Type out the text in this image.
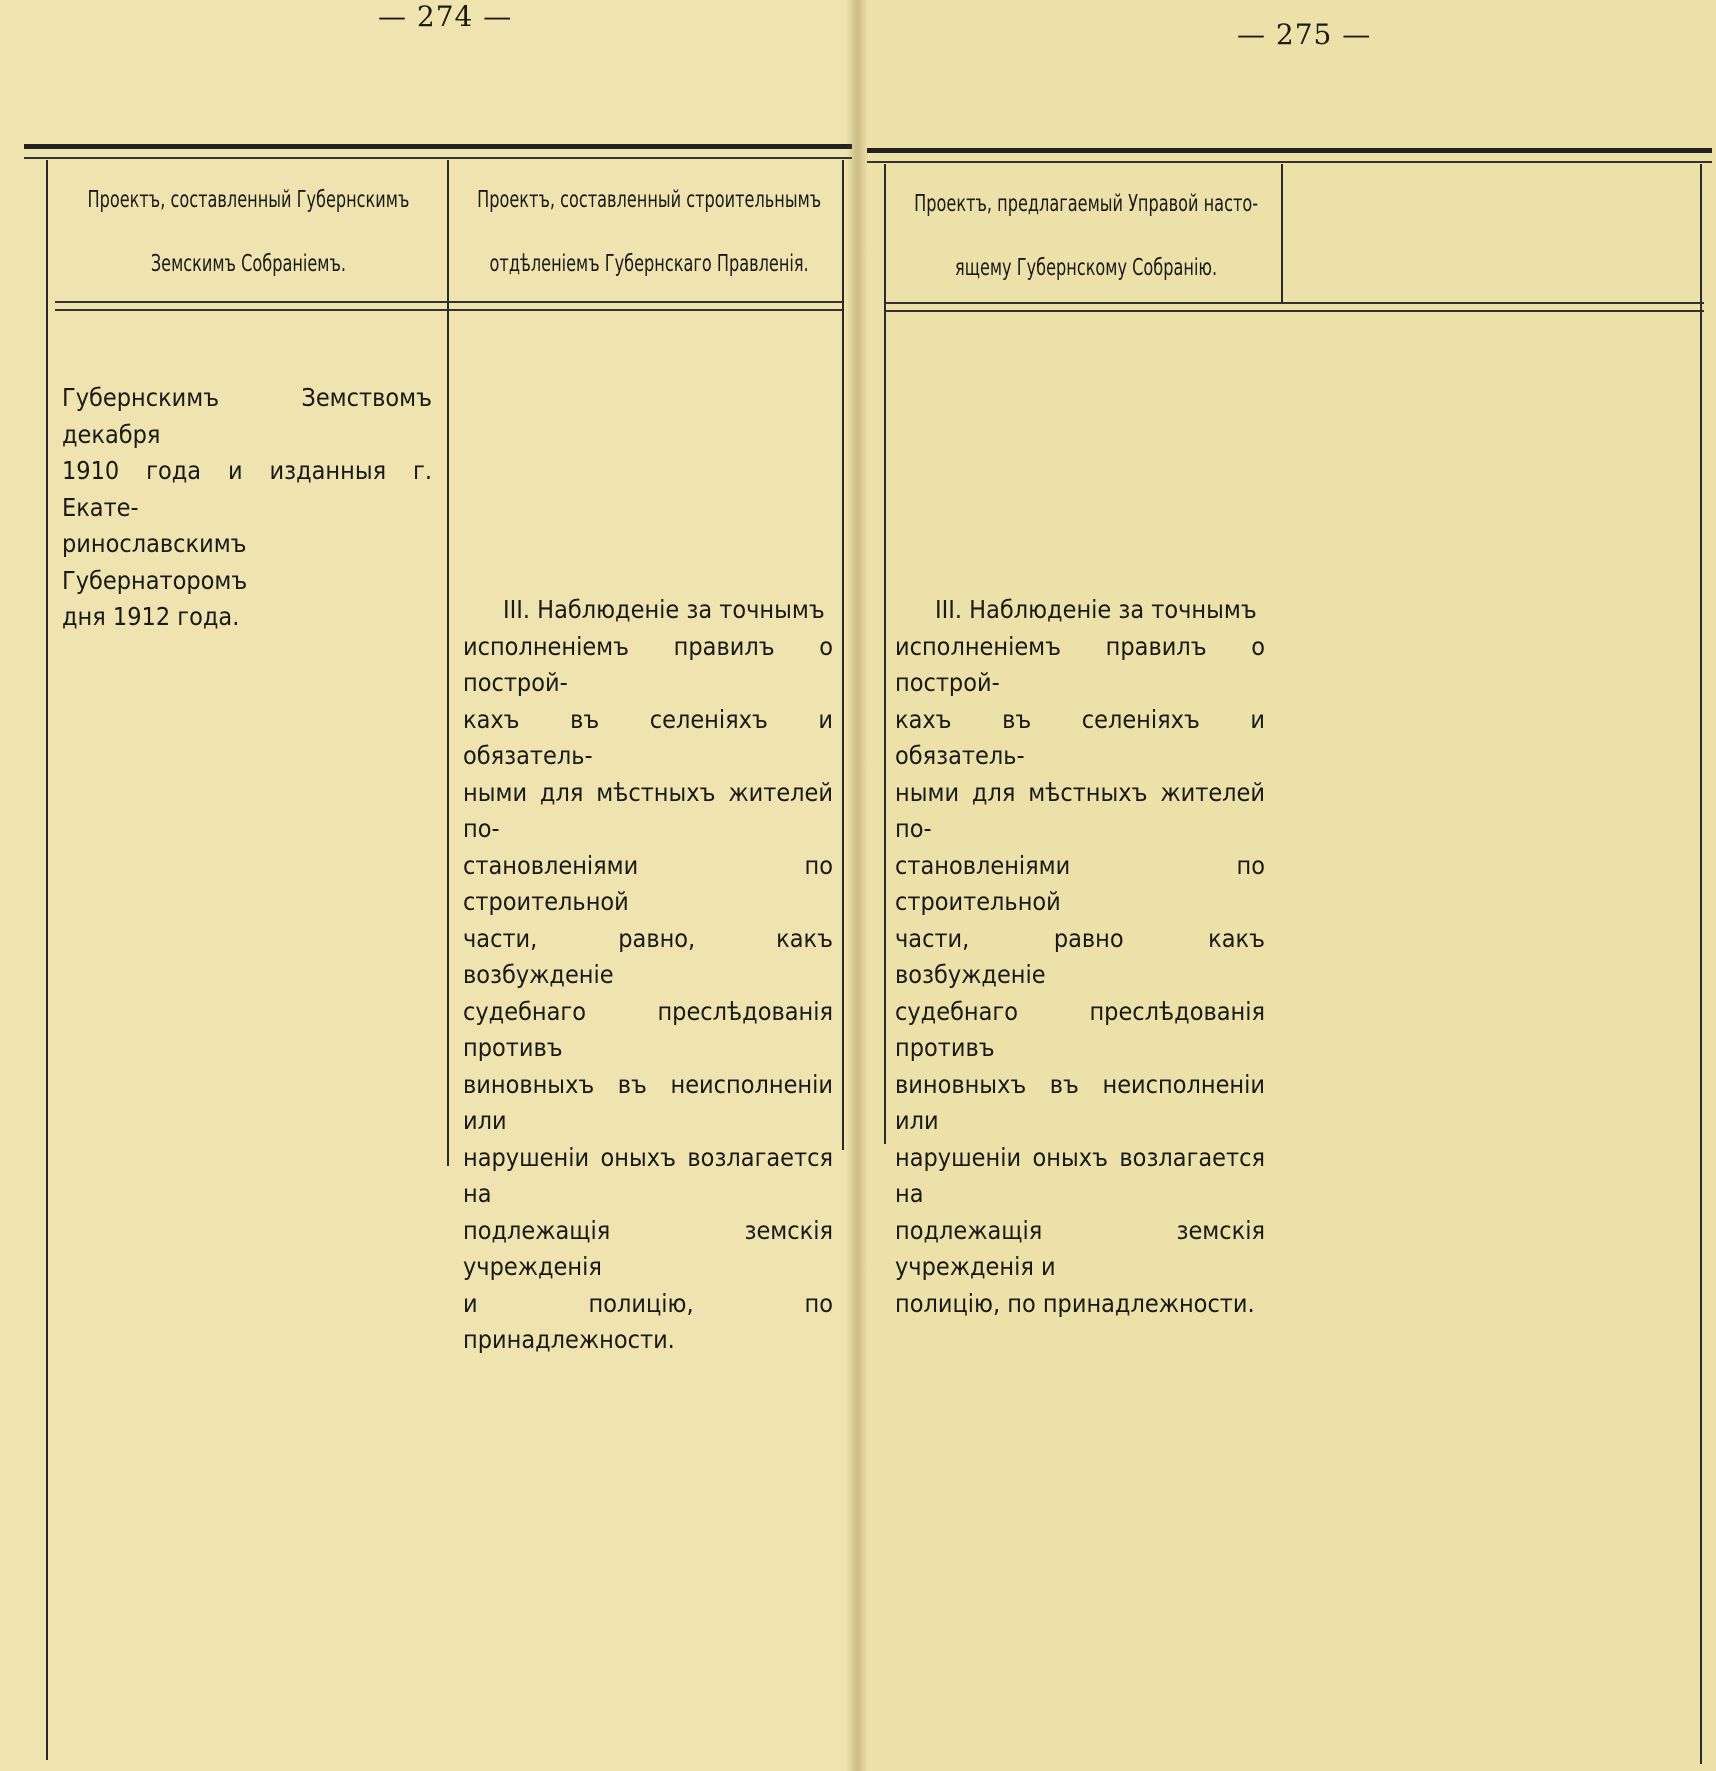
— 274 —
Проектъ, составленный Губернскимъ
Земскимъ Собраніемъ.
Проектъ, составленный строительнымъ
отдѣленіемъ Губернскаго Правленія.

Губернскимъ Земствомъ декабря

1910 года и изданныя г. Екате-

ринославскимъ Губернаторомъ

дня 1912 года.	III. Наблюденіе за точнымъ

исполненіемъ правилъ о построй-

кахъ въ селеніяхъ и обязатель-

ными для мѣстныхъ жителей по-

становленіями по строительной

части, равно, какъ возбужденіе

судебнаго преслѣдованія противъ

виновныхъ въ неисполненіи или

нарушеніи оныхъ возлагается на

подлежащія земскія учрежденія

и полицію, по принадлежности.

— 275 —
Проектъ, предлагаемый Управой насто-
ящему Губернскому Собранію.

III. Наблюденіе за точнымъ

исполненіемъ правилъ о построй-

кахъ въ селеніяхъ и обязатель-

ными для мѣстныхъ жителей по-

становленіями по строительной

части, равно какъ возбужденіе

судебнаго преслѣдованія противъ

виновныхъ въ неисполненіи или

нарушеніи оныхъ возлагается на

подлежащія земскія учрежденія и

полицію, по принадлежности.
